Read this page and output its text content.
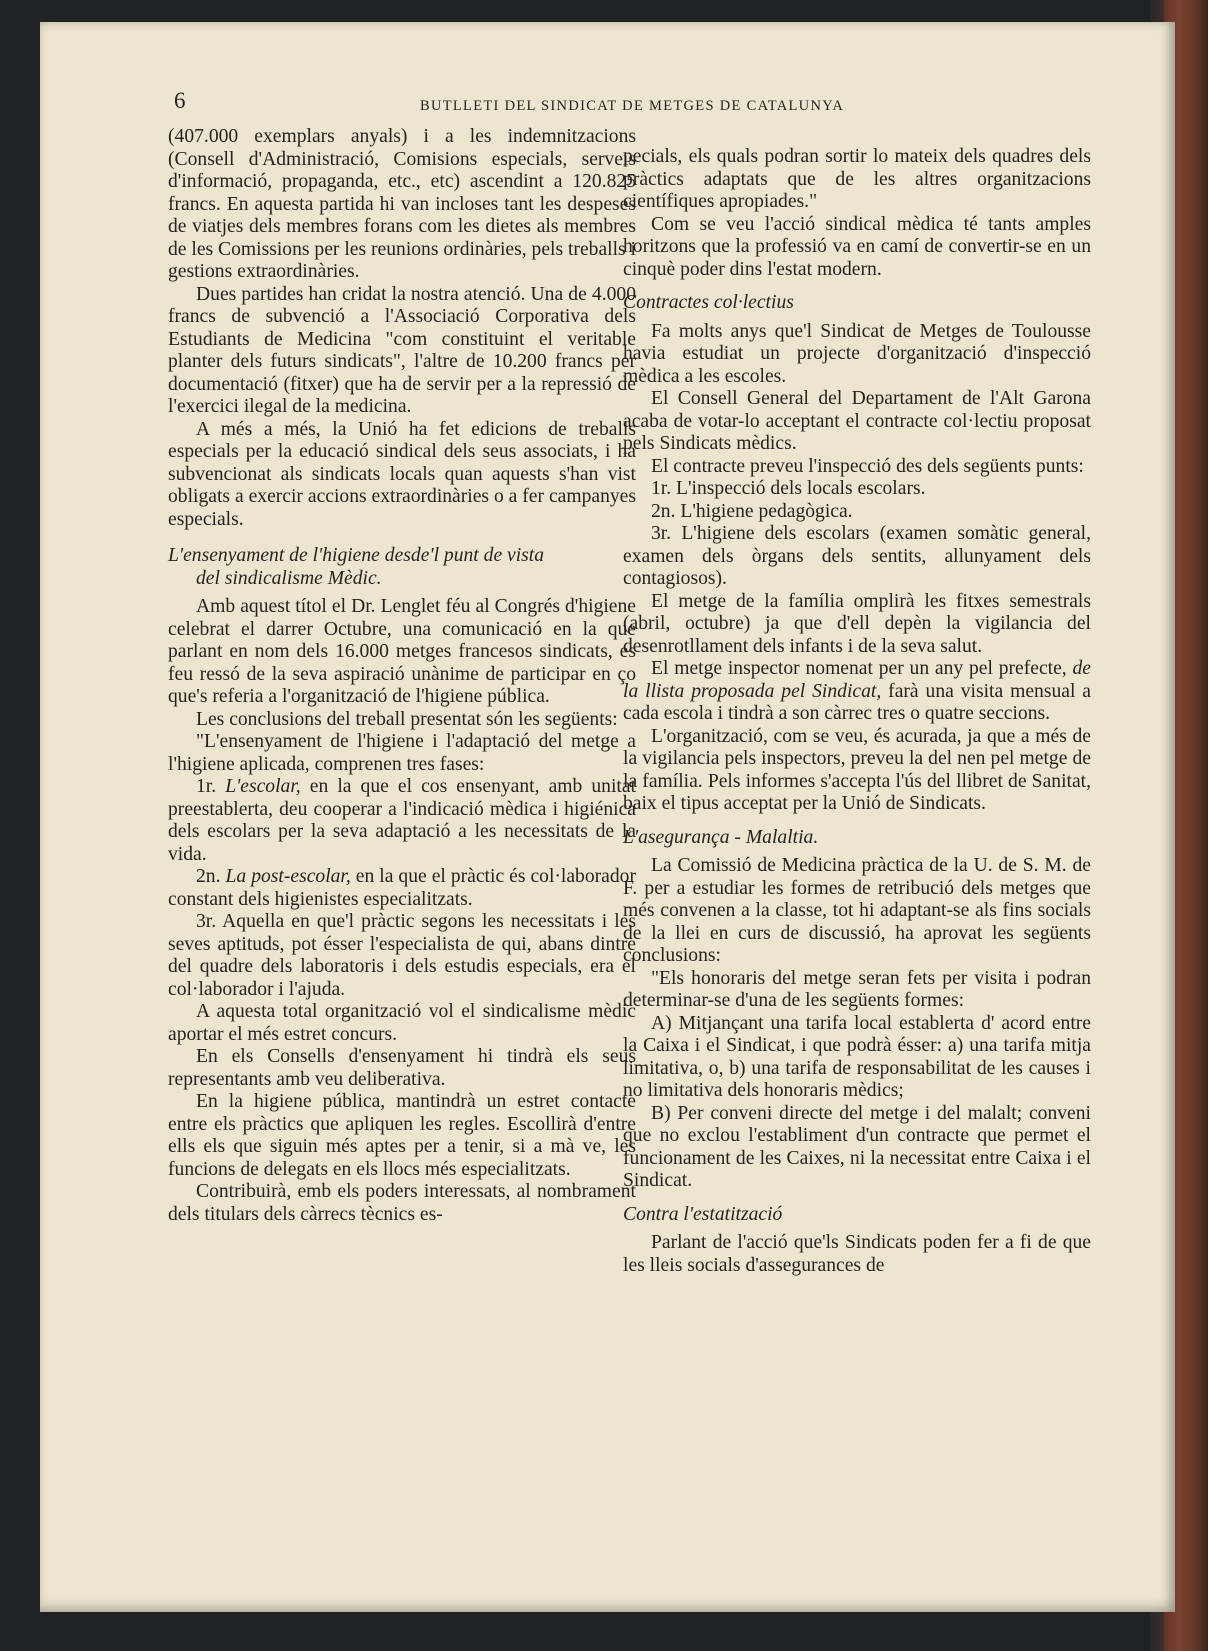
6	BUTLLETI DEL SINDICAT DE METGES DE CATALUNYA

(407.000 exemplars anyals) i a les indemnitzacions (Consell d'Administració, Comisions especials, serveis d'informació, propaganda, etc., etc) ascendint a 120.825 francs. En aquesta partida hi van incloses tant les despeses de viatjes dels membres forans com les dietes als membres de les Comissions per les reunions ordinàries, pels treballs i gestions extraordinàries.

Dues partides han cridat la nostra atenció. Una de 4.000 francs de subvenció a l'Associació Corporativa dels Estudiants de Medicina "com constituint el veritable planter dels futurs sindicats", l'altre de 10.200 francs per documentació (fitxer) que ha de servir per a la repressió de l'exercici ilegal de la medicina.

A més a més, la Unió ha fet edicions de treballs especials per la educació sindical dels seus associats, i ha subvencionat als sindicats locals quan aquests s'han vist obligats a exercir accions extraordinàries o a fer campanyes especials.

L'ensenyament de l'higiene desde'l punt de vista
del sindicalisme Mèdic.

Amb aquest títol el Dr. Lenglet féu al Congrés d'higiene celebrat el darrer Octubre, una comunicació en la que parlant en nom dels 16.000 metges francesos sindicats, es feu ressó de la seva aspiració unànime de participar en ço que's referia a l'organització de l'higiene pública.

Les conclusions del treball presentat són les següents:

"L'ensenyament de l'higiene i l'adaptació del metge a l'higiene aplicada, comprenen tres fases:

1r. L'escolar, en la que el cos ensenyant, amb unitat preestablerta, deu cooperar a l'indicació mèdica i higiénica dels escolars per la seva adaptació a les necessitats de la vida.

2n. La post-escolar, en la que el pràctic és col·laborador constant dels higienistes especialitzats.

3r. Aquella en que'l pràctic segons les necessitats i les seves aptituds, pot ésser l'especialista de qui, abans dintre del quadre dels laboratoris i dels estudis especials, era el col·laborador i l'ajuda.

A aquesta total organització vol el sindicalisme mèdic aportar el més estret concurs.

En els Consells d'ensenyament hi tindrà els seus representants amb veu deliberativa.

En la higiene pública, mantindrà un estret contacte entre els pràctics que apliquen les regles. Escollirà d'entre ells els que siguin més aptes per a tenir, si a mà ve, les funcions de delegats en els llocs més especialitzats.

Contribuirà, emb els poders interessats, al nombrament dels titulars dels càrrecs tècnics es-

pecials, els quals podran sortir lo mateix dels quadres dels pràctics adaptats que de les altres organitzacions científiques apropiades."

Com se veu l'acció sindical mèdica té tants amples horitzons que la professió va en camí de convertir-se en un cinquè poder dins l'estat modern.

Contractes col·lectius

Fa molts anys que'l Sindicat de Metges de Toulousse havia estudiat un projecte d'organització d'inspecció mèdica a les escoles.

El Consell General del Departament de l'Alt Garona acaba de votar-lo acceptant el contracte col·lectiu proposat pels Sindicats mèdics.

El contracte preveu l'inspecció des dels següents punts:

1r. L'inspecció dels locals escolars.

2n. L'higiene pedagògica.

3r. L'higiene dels escolars (examen somàtic general, examen dels òrgans dels sentits, allunyament dels contagiosos).

El metge de la família omplirà les fitxes semestrals (abril, octubre) ja que d'ell depèn la vigilancia del desenrotllament dels infants i de la seva salut.

El metge inspector nomenat per un any pel prefecte, de la llista proposada pel Sindicat, farà una visita mensual a cada escola i tindrà a son càrrec tres o quatre seccions.

L'organització, com se veu, és acurada, ja que a més de la vigilancia pels inspectors, preveu la del nen pel metge de la família. Pels informes s'accepta l'ús del llibret de Sanitat, baix el tipus acceptat per la Unió de Sindicats.

L'asegurança - Malaltia.

La Comissió de Medicina pràctica de la U. de S. M. de F. per a estudiar les formes de retribució dels metges que més convenen a la classe, tot hi adaptant-se als fins socials de la llei en curs de discussió, ha aprovat les següents conclusions:

"Els honoraris del metge seran fets per visita i podran determinar-se d'una de les següents formes:

A) Mitjançant una tarifa local establerta d' acord entre la Caixa i el Sindicat, i que podrà ésser: a) una tarifa mitja limitativa, o, b) una tarifa de responsabilitat de les causes i no limitativa dels honoraris mèdics;

B) Per conveni directe del metge i del malalt; conveni que no exclou l'establiment d'un contracte que permet el funcionament de les Caixes, ni la necessitat entre Caixa i el Sindicat.

Contra l'estatització

Parlant de l'acció que'ls Sindicats poden fer a fi de que les lleis socials d'assegurances de
